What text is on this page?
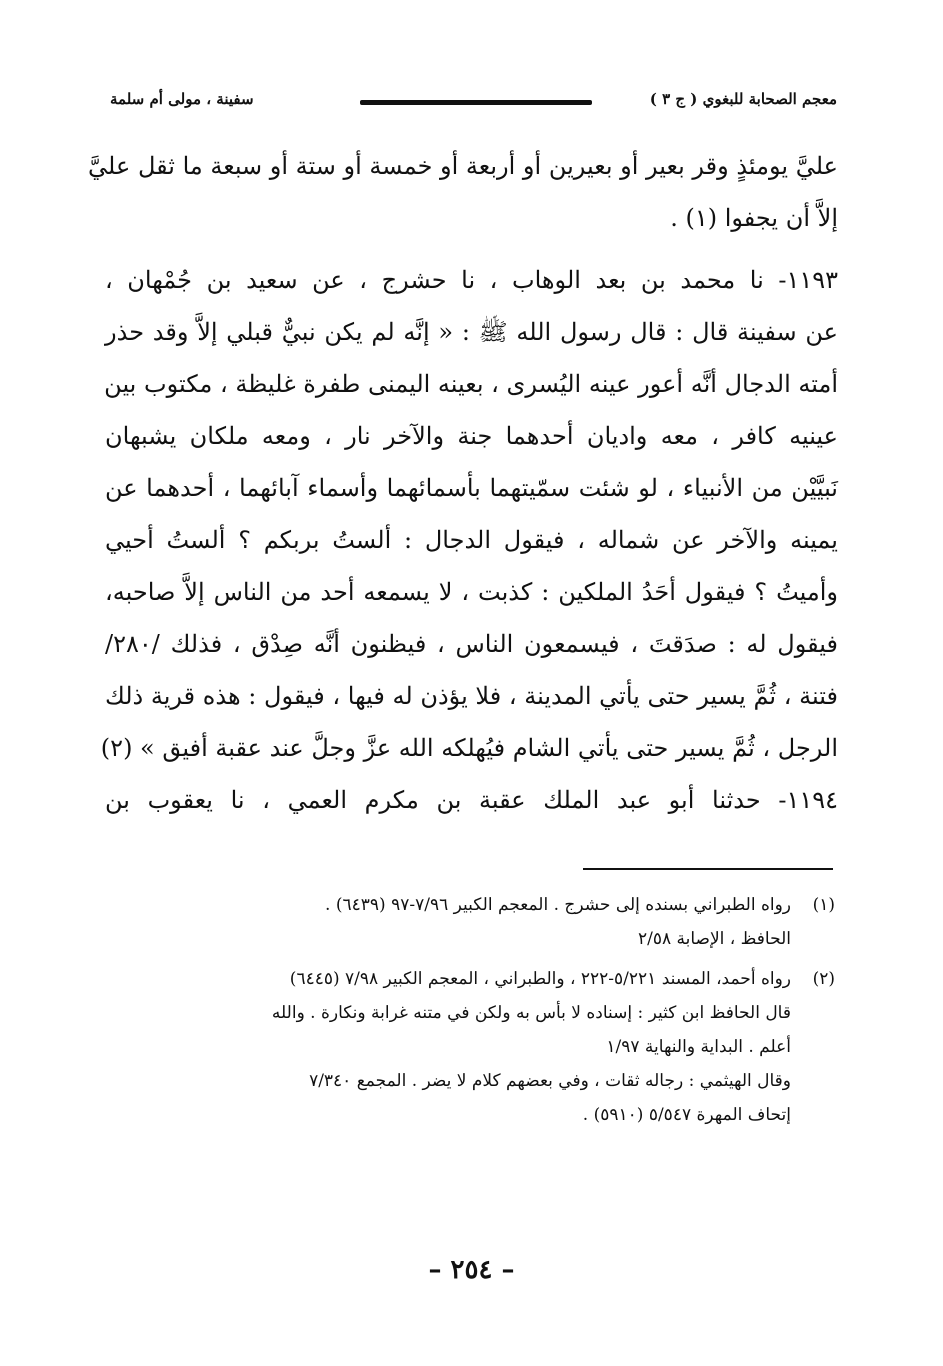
معجم الصحابة للبغوي ( ج ٣ )
سفينة ، مولى أم سلمة
عليَّ يومئذٍ وقر بعير أو بعيرين أو أربعة أو خمسة أو ستة أو سبعة ما ثقل عليَّ
إلاَّ أن يجفوا (١) .
١١٩٣- نا محمد بن بعد الوهاب ، نا حشرج ، عن سعيد بن جُمْهان ،
عن سفينة قال : قال رسول الله ﷺ : « إنَّه لم يكن نبيٌّ قبلي إلاَّ وقد حذر
أمته الدجال أنَّه أعور عينه اليُسرى ، بعينه اليمنى طفرة غليظة ، مكتوب بين
عينيه كافر ، معه واديان أحدهما جنة والآخر نار ، ومعه ملكان يشبهان
نَبيَّيْن من الأنبياء ، لو شئت سمّيتهما بأسمائهما وأسماء آبائهما ، أحدهما عن
يمينه والآخر عن شماله ، فيقول الدجال : ألستُ بربكم ؟ ألستُ أحيي
وأميتُ ؟ فيقول أحَدُ الملكين : كذبت ، لا يسمعه أحد من الناس إلاَّ صاحبه،
فيقول له : صدَقتَ ، فيسمعون الناس ، فيظنون أنَّه صِدْق ، فذلك /٢٨٠/
فتنة ، ثُمَّ يسير حتى يأتي المدينة ، فلا يؤذن له فيها ، فيقول : هذه قرية ذلك
الرجل ، ثُمَّ يسير حتى يأتي الشام فيُهلكه الله عزَّ وجلَّ عند عقبة أفيق » (٢)
١١٩٤- حدثنا أبو عبد الملك عقبة بن مكرم العمي ، نا يعقوب بن
(١)
رواه الطبراني بسنده إلى حشرج . المعجم الكبير ٧/٩٦-٩٧ (٦٤٣٩) .
الحافظ ، الإصابة ٢/٥٨
(٢)
رواه أحمد، المسند ٥/٢٢١-٢٢٢ ، والطبراني ، المعجم الكبير ٧/٩٨ (٦٤٤٥)
قال الحافظ ابن كثير : إسناده لا بأس به ولكن في متنه غرابة ونكارة . والله
أعلم . البداية والنهاية ١/٩٧
وقال الهيثمي : رجاله ثقات ، وفي بعضهم كلام لا يضر . المجمع ٧/٣٤٠
إتحاف المهرة ٥/٥٤٧ (٥٩١٠) .
– ٢٥٤ –
